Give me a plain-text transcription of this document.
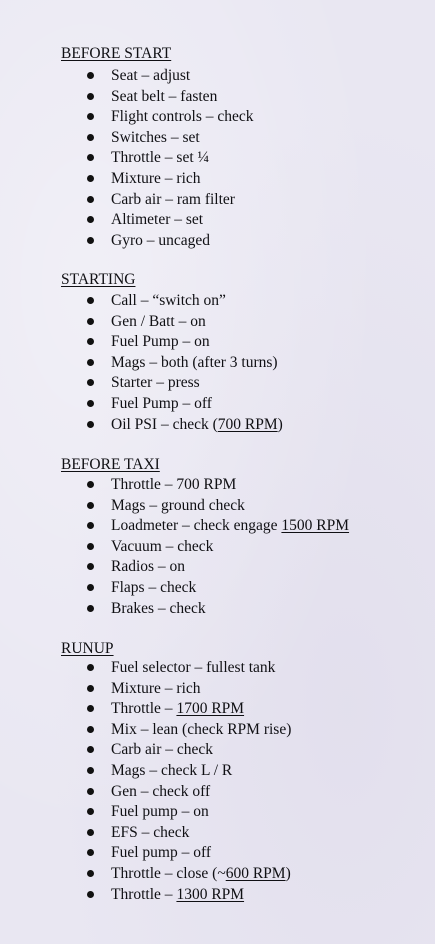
BEFORE START
Seat – adjust
Seat belt – fasten
Flight controls – check
Switches – set
Throttle – set ¼
Mixture – rich
Carb air – ram filter
Altimeter – set
Gyro – uncaged
STARTING
Call – “switch on”
Gen / Batt – on
Fuel Pump – on
Mags – both (after 3 turns)
Starter – press
Fuel Pump – off
Oil PSI – check (700 RPM)
BEFORE TAXI
Throttle – 700 RPM
Mags – ground check
Loadmeter – check engage 1500 RPM
Vacuum – check
Radios – on
Flaps – check
Brakes – check
RUNUP
Fuel selector – fullest tank
Mixture – rich
Throttle – 1700 RPM
Mix – lean (check RPM rise)
Carb air – check
Mags – check L / R
Gen – check off
Fuel pump – on
EFS – check
Fuel pump – off
Throttle – close (~600 RPM)
Throttle – 1300 RPM
